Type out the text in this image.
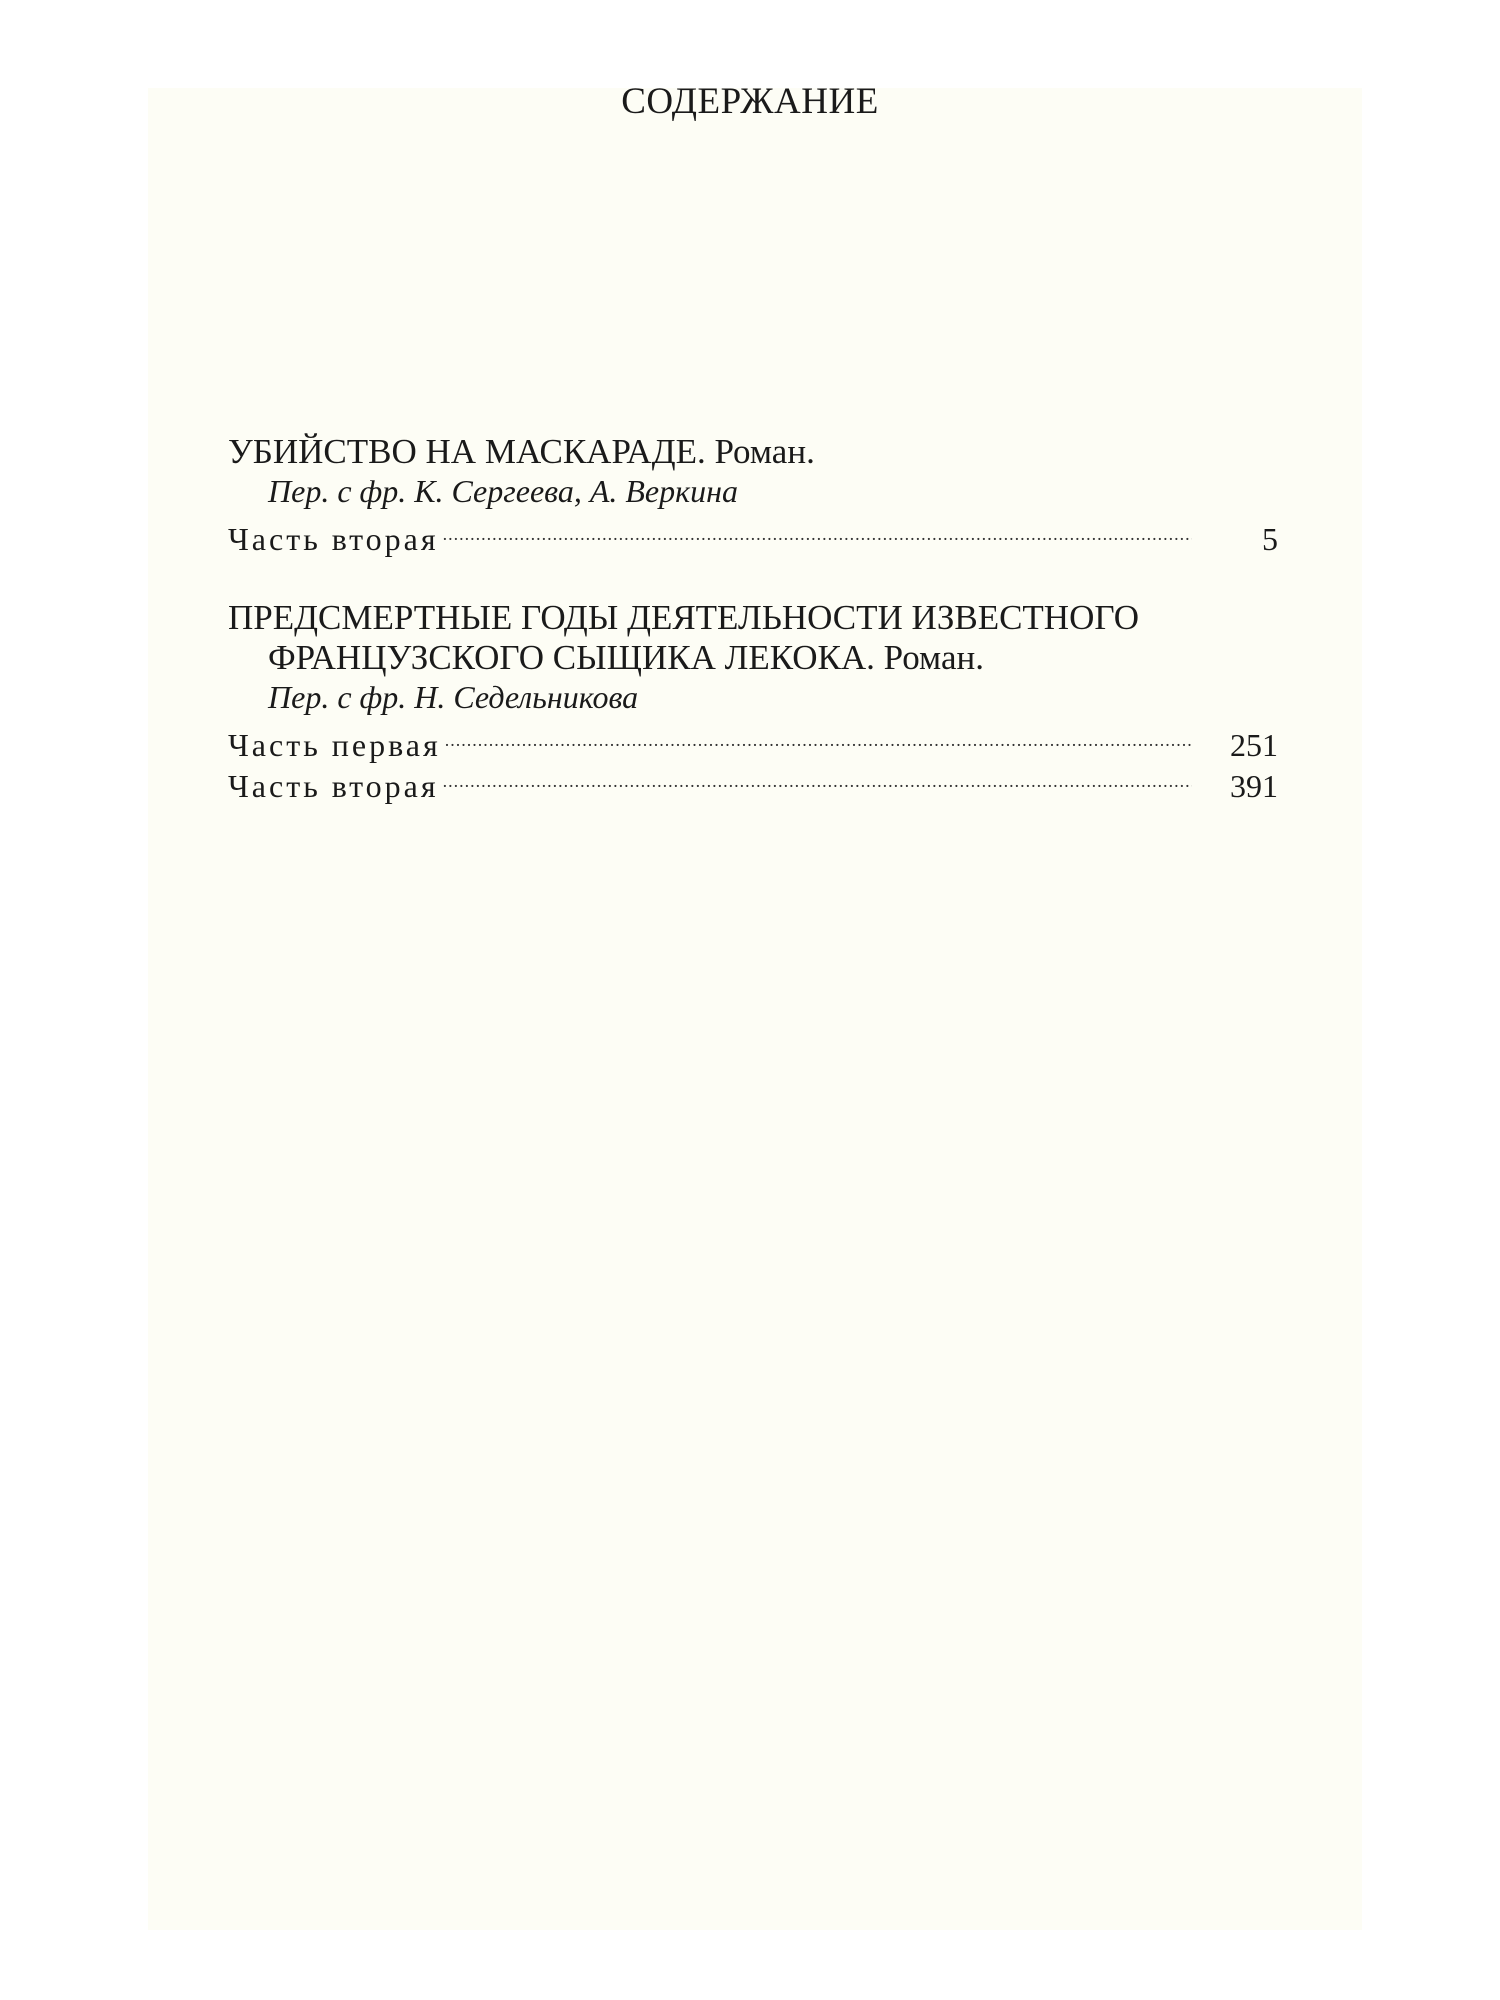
СОДЕРЖАНИЕ
УБИЙСТВО НА МАСКАРАДЕ. Роман.
Пер. с фр. К. Сергеева, А. Веркина
Часть вторая .....	5
ПРЕДСМЕРТНЫЕ ГОДЫ ДЕЯТЕЛЬНОСТИ ИЗВЕСТНОГО
ФРАНЦУЗСКОГО СЫЩИКА ЛЕКОКА. Роман.
Пер. с фр. Н. Седельникова
Часть первая .....	251
Часть вторая .....	391
